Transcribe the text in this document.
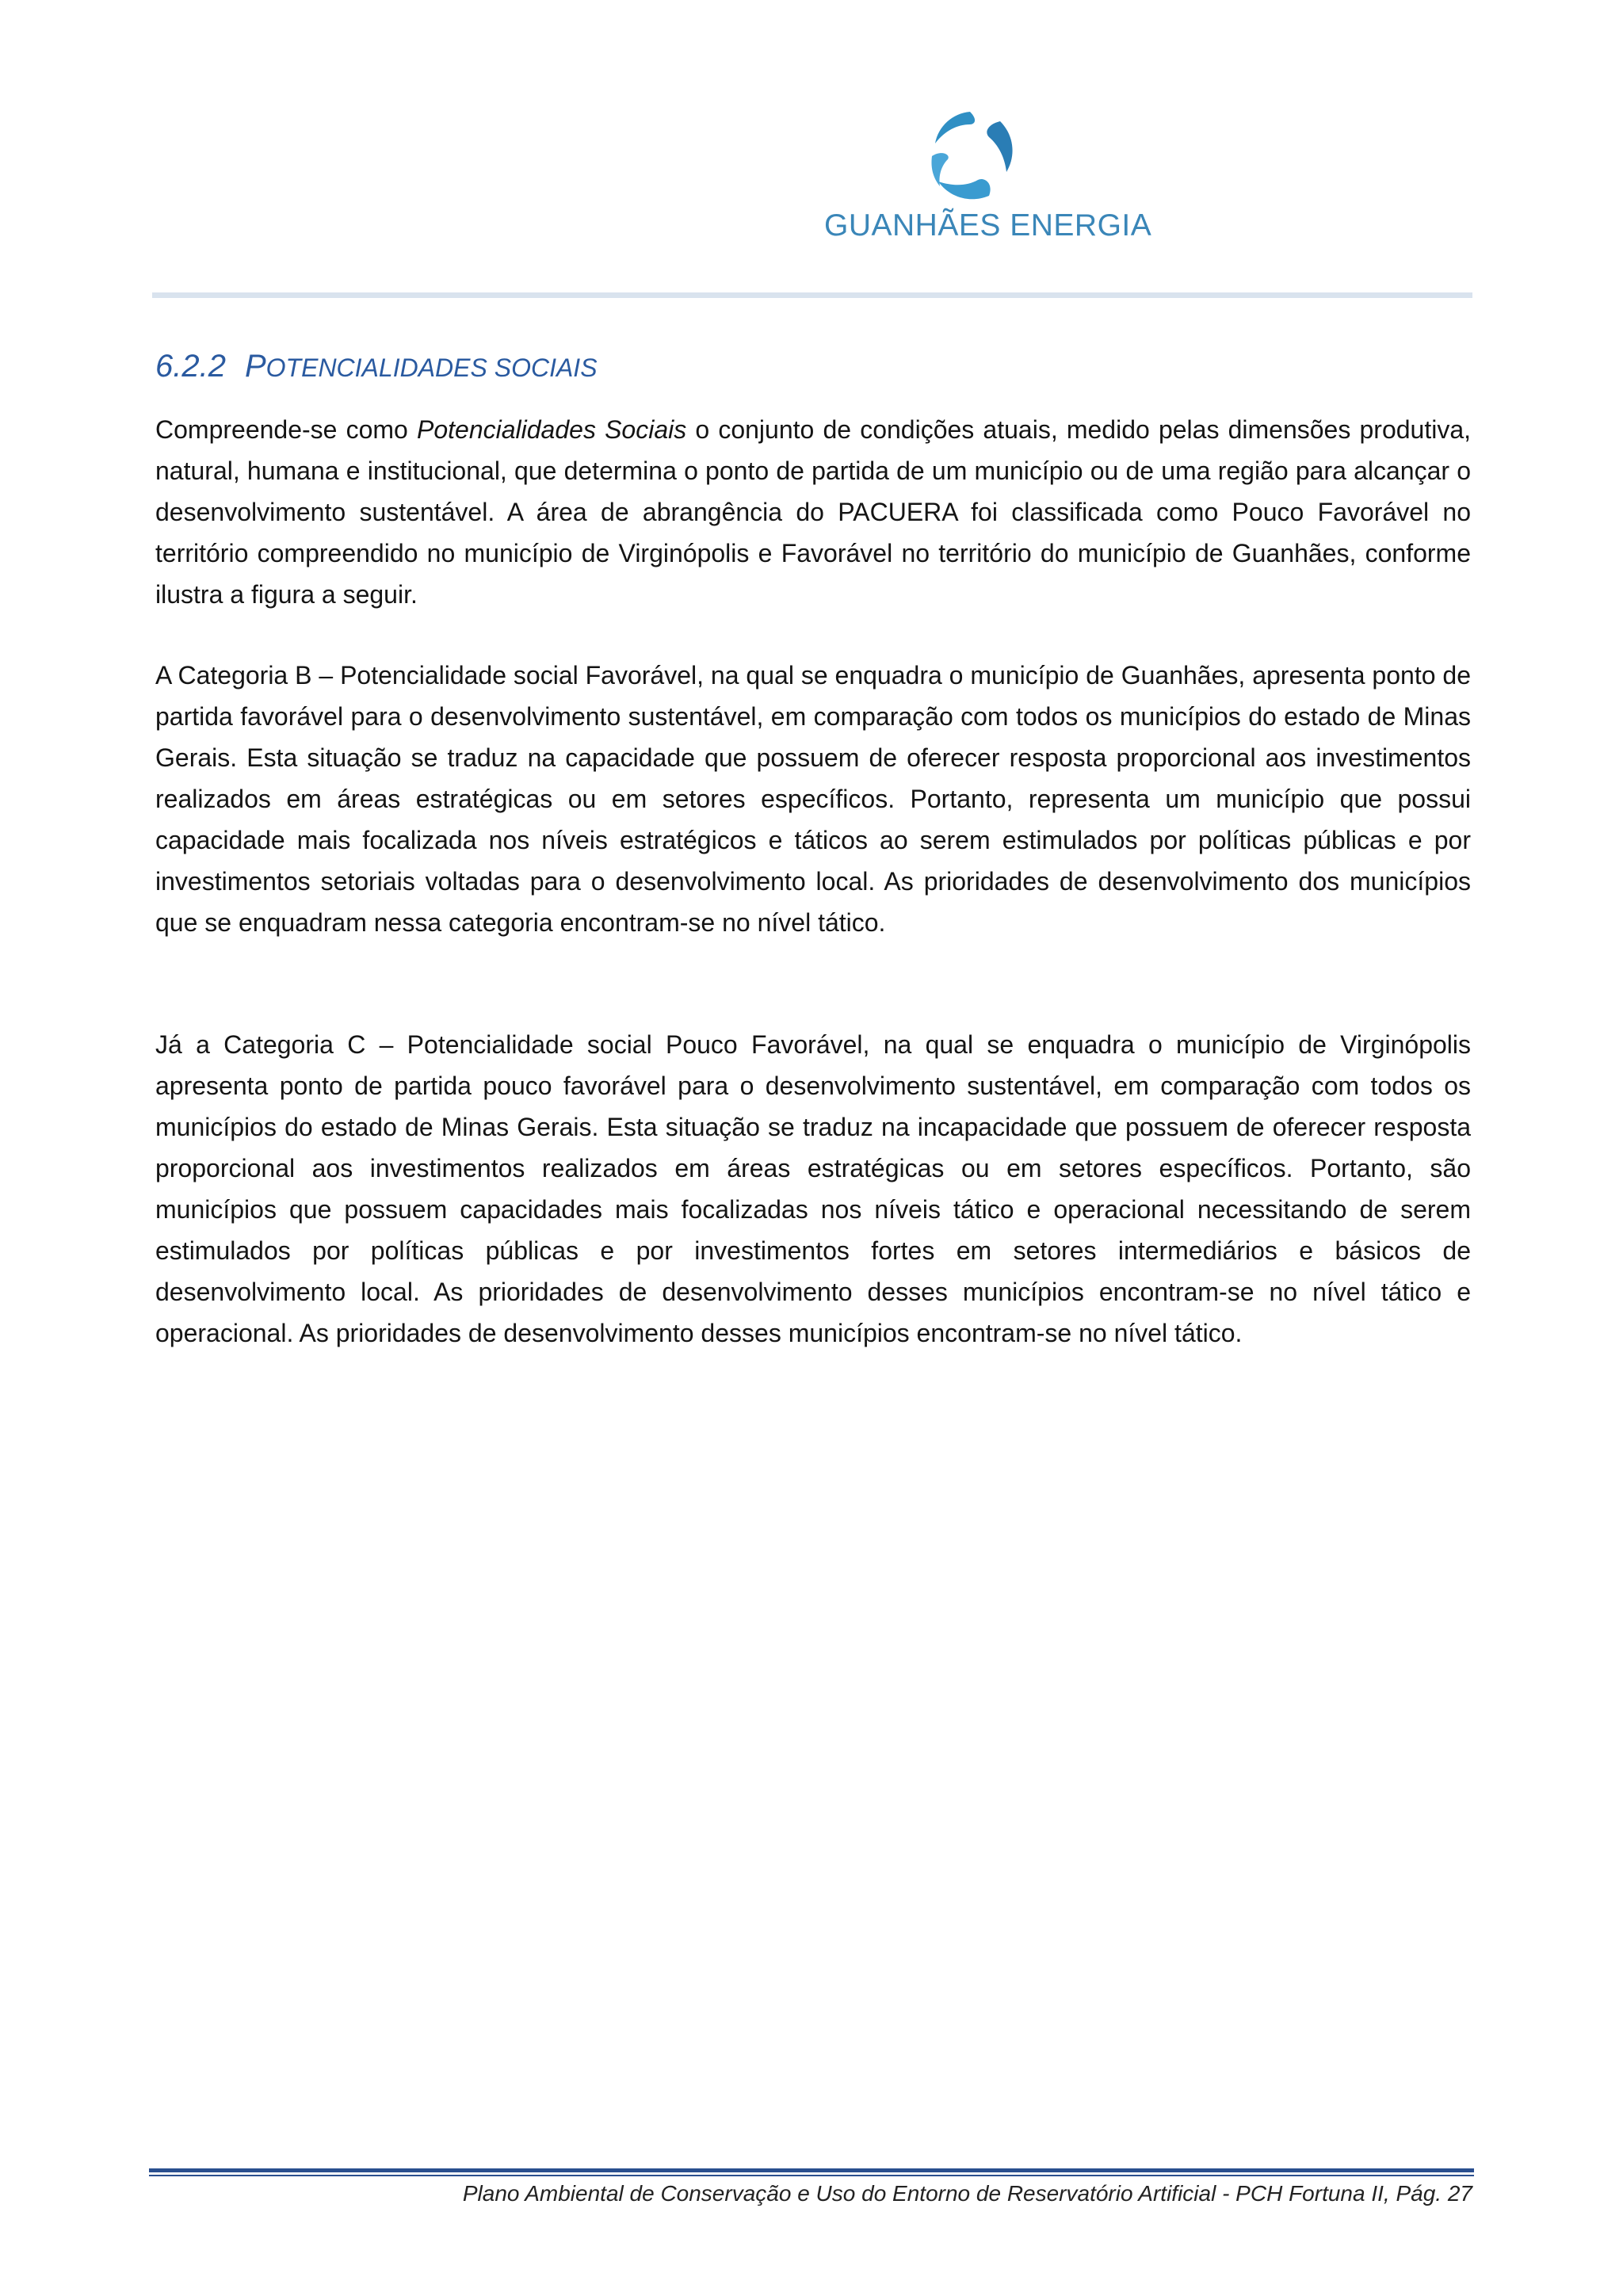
GUANHÃES ENERGIA
6.2.2 POTENCIALIDADES SOCIAIS
Compreende-se como Potencialidades Sociais o conjunto de condições atuais, medido pelas dimensões produtiva, natural, humana e institucional, que determina o ponto de partida de um município ou de uma região para alcançar o desenvolvimento sustentável. A área de abrangência do PACUERA foi classificada como Pouco Favorável no território compreendido no município de Virginópolis e Favorável no território do município de Guanhães, conforme ilustra a figura a seguir.
A Categoria B – Potencialidade social Favorável, na qual se enquadra o município de Guanhães, apresenta ponto de partida favorável para o desenvolvimento sustentável, em comparação com todos os municípios do estado de Minas Gerais. Esta situação se traduz na capacidade que possuem de oferecer resposta proporcional aos investimentos realizados em áreas estratégicas ou em setores específicos. Portanto, representa um município que possui capacidade mais focalizada nos níveis estratégicos e táticos ao serem estimulados por políticas públicas e por investimentos setoriais voltadas para o desenvolvimento local. As prioridades de desenvolvimento dos municípios que se enquadram nessa categoria encontram-se no nível tático.
Já a Categoria C – Potencialidade social Pouco Favorável, na qual se enquadra o município de Virginópolis apresenta ponto de partida pouco favorável para o desenvolvimento sustentável, em comparação com todos os municípios do estado de Minas Gerais. Esta situação se traduz na incapacidade que possuem de oferecer resposta proporcional aos investimentos realizados em áreas estratégicas ou em setores específicos. Portanto, são municípios que possuem capacidades mais focalizadas nos níveis tático e operacional necessitando de serem estimulados por políticas públicas e por investimentos fortes em setores intermediários e básicos de desenvolvimento local. As prioridades de desenvolvimento desses municípios encontram-se no nível tático e operacional. As prioridades de desenvolvimento desses municípios encontram-se no nível tático.
Plano Ambiental de Conservação e Uso do Entorno de Reservatório Artificial - PCH Fortuna II, Pág. 27
